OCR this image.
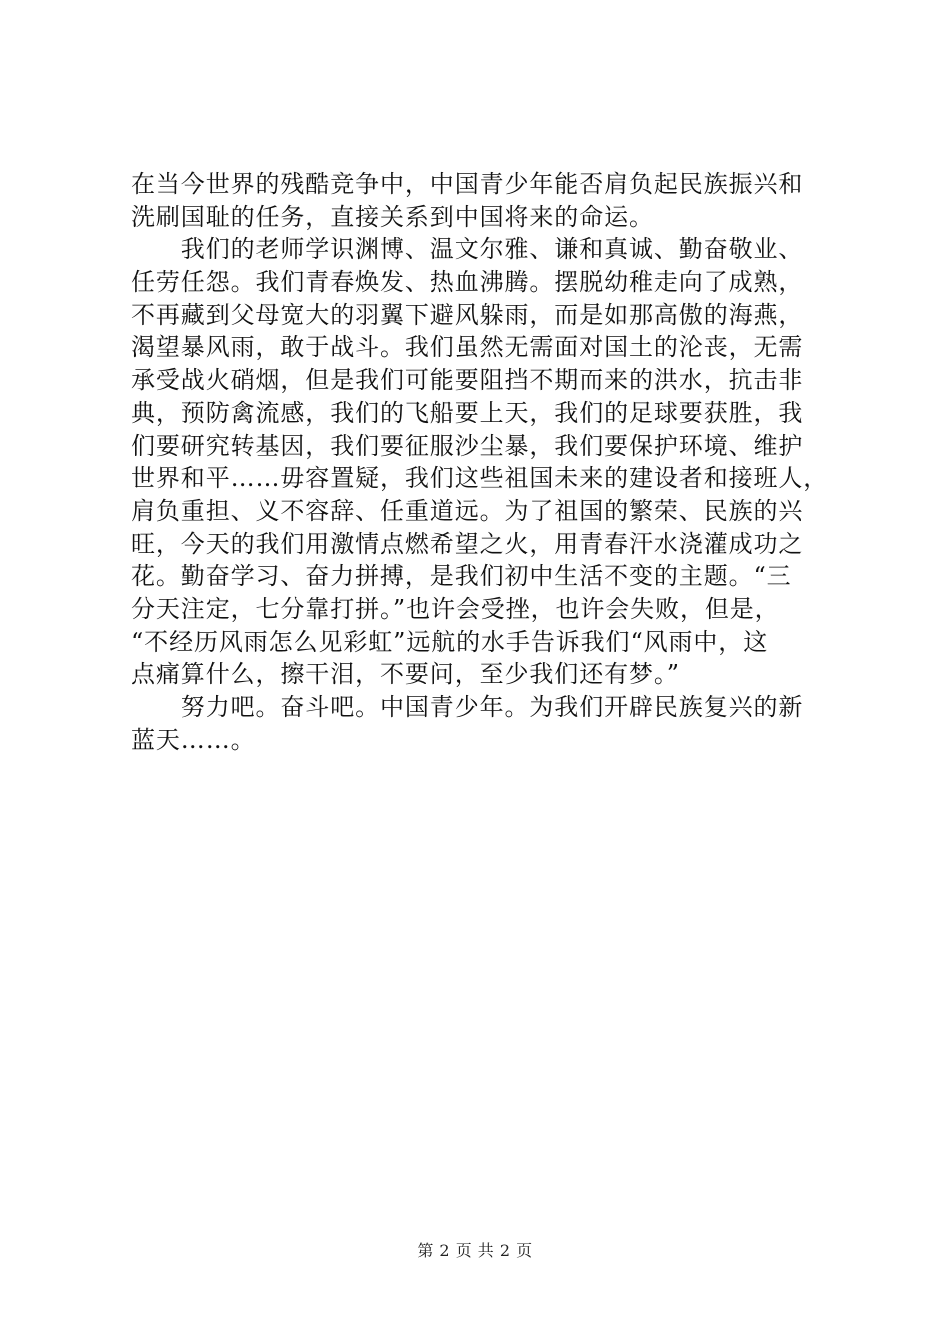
在当今世界的残酷竞争中，中国青少年能否肩负起民族振兴和
洗刷国耻的任务，直接关系到中国将来的命运。
　　我们的老师学识渊博、温文尔雅、谦和真诚、勤奋敬业、
任劳任怨。我们青春焕发、热血沸腾。摆脱幼稚走向了成熟，
不再藏到父母宽大的羽翼下避风躲雨，而是如那高傲的海燕，
渴望暴风雨，敢于战斗。我们虽然无需面对国土的沦丧，无需
承受战火硝烟，但是我们可能要阻挡不期而来的洪水，抗击非
典，预防禽流感，我们的飞船要上天，我们的足球要获胜，我
们要研究转基因，我们要征服沙尘暴，我们要保护环境、维护
世界和平……毋容置疑，我们这些祖国未来的建设者和接班人，
肩负重担、义不容辞、任重道远。为了祖国的繁荣、民族的兴
旺，今天的我们用激情点燃希望之火，用青春汗水浇灌成功之
花。勤奋学习、奋力拼搏，是我们初中生活不变的主题。“三
分天注定，七分靠打拼。”也许会受挫，也许会失败，但是，
“不经历风雨怎么见彩虹”远航的水手告诉我们“风雨中，这
点痛算什么，擦干泪，不要问，至少我们还有梦。”
　　努力吧。奋斗吧。中国青少年。为我们开辟民族复兴的新
蓝天……。
第 2 页 共 2 页
